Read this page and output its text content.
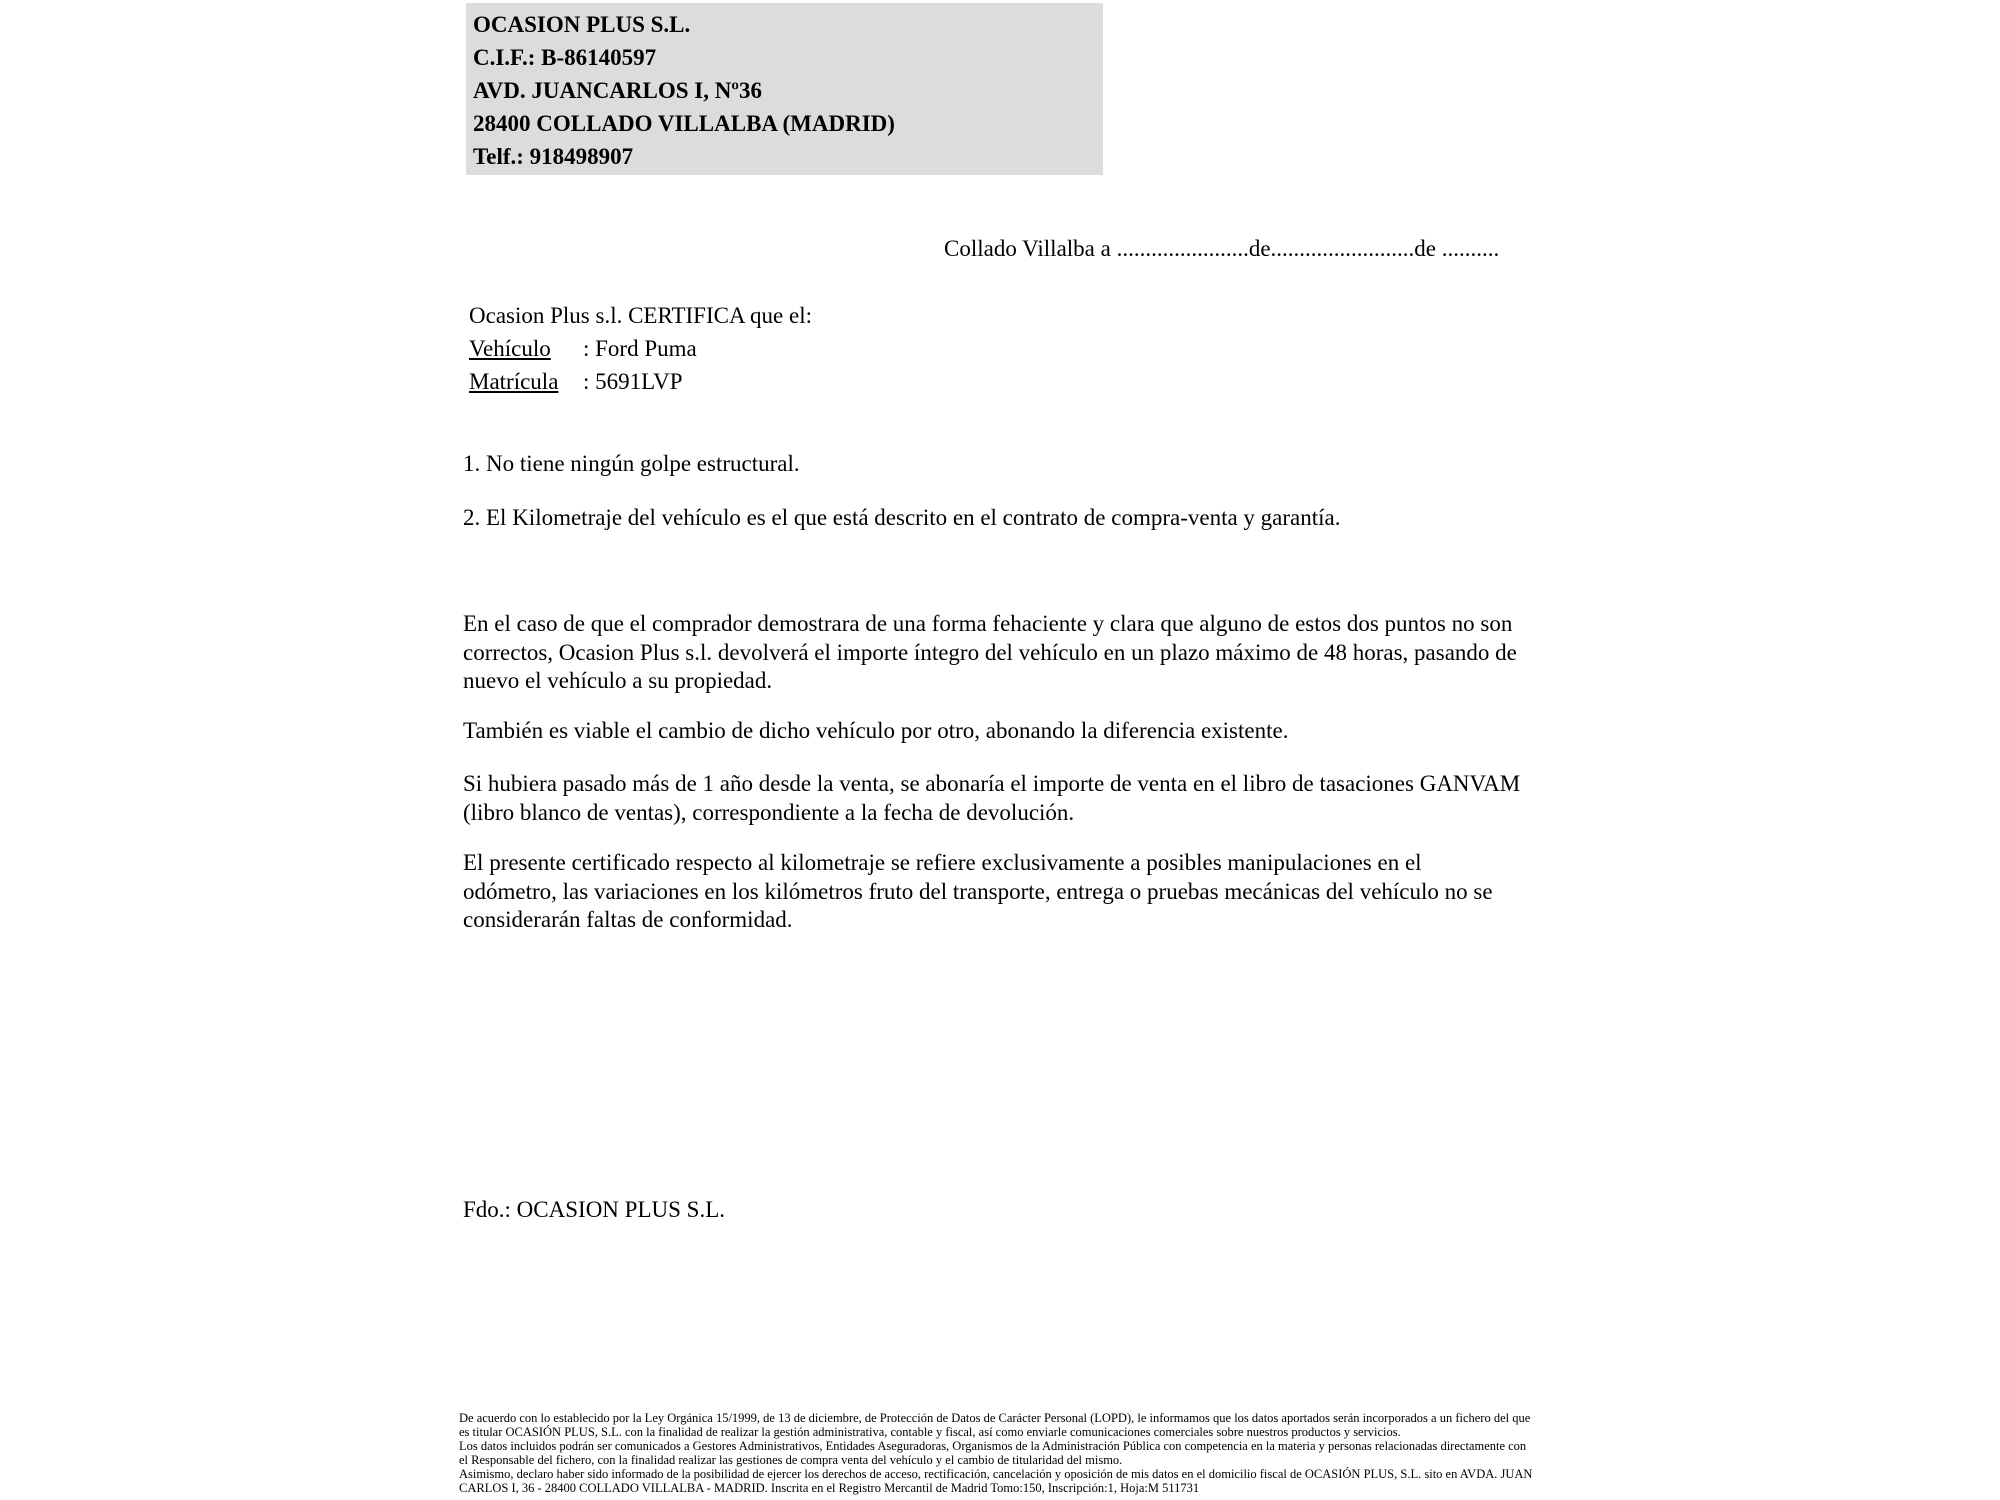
OCASION PLUS S.L.
C.I.F.: B-86140597
AVD. JUANCARLOS I, Nº36
28400 COLLADO VILLALBA (MADRID)
Telf.: 918498907
Collado Villalba a .......................de.........................de ..........
Ocasion Plus s.l. CERTIFICA que el:
Vehículo : Ford Puma
Matrícula : 5691LVP
1. No tiene ningún golpe estructural.
2. El Kilometraje del vehículo es el que está descrito en el contrato de compra-venta y garantía.
En el caso de que el comprador demostrara de una forma fehaciente y clara que alguno de estos dos puntos no son correctos, Ocasion Plus s.l. devolverá el importe íntegro del vehículo en un plazo máximo de 48 horas, pasando de nuevo el vehículo a su propiedad.
También es viable el cambio de dicho vehículo por otro, abonando la diferencia existente.
Si hubiera pasado más de 1 año desde la venta, se abonaría el importe de venta en el libro de tasaciones GANVAM (libro blanco de ventas), correspondiente a la fecha de devolución.
El presente certificado respecto al kilometraje se refiere exclusivamente a posibles manipulaciones en el odómetro, las variaciones en los kilómetros fruto del transporte, entrega o pruebas mecánicas del vehículo no se considerarán faltas de conformidad.
Fdo.: OCASION PLUS S.L.

De acuerdo con lo establecido por la Ley Orgánica 15/1999, de 13 de diciembre, de Protección de Datos de Carácter Personal (LOPD), le informamos que los datos aportados serán incorporados a un fichero del que es titular OCASIÓN PLUS, S.L. con la finalidad de realizar la gestión administrativa, contable y fiscal, así como enviarle comunicaciones comerciales sobre nuestros productos y servicios.

Los datos incluidos podrán ser comunicados a Gestores Administrativos, Entidades Aseguradoras, Organismos de la Administración Pública con competencia en la materia y personas relacionadas directamente con el Responsable del fichero, con la finalidad realizar las gestiones de compra venta del vehículo y el cambio de titularidad del mismo.

Asimismo, declaro haber sido informado de la posibilidad de ejercer los derechos de acceso, rectificación, cancelación y oposición de mis datos en el domicilio fiscal de OCASIÓN PLUS, S.L. sito en AVDA. JUAN CARLOS I, 36 - 28400 COLLADO VILLALBA - MADRID. Inscrita en el Registro Mercantil de Madrid Tomo:150, Inscripción:1, Hoja:M 511731
